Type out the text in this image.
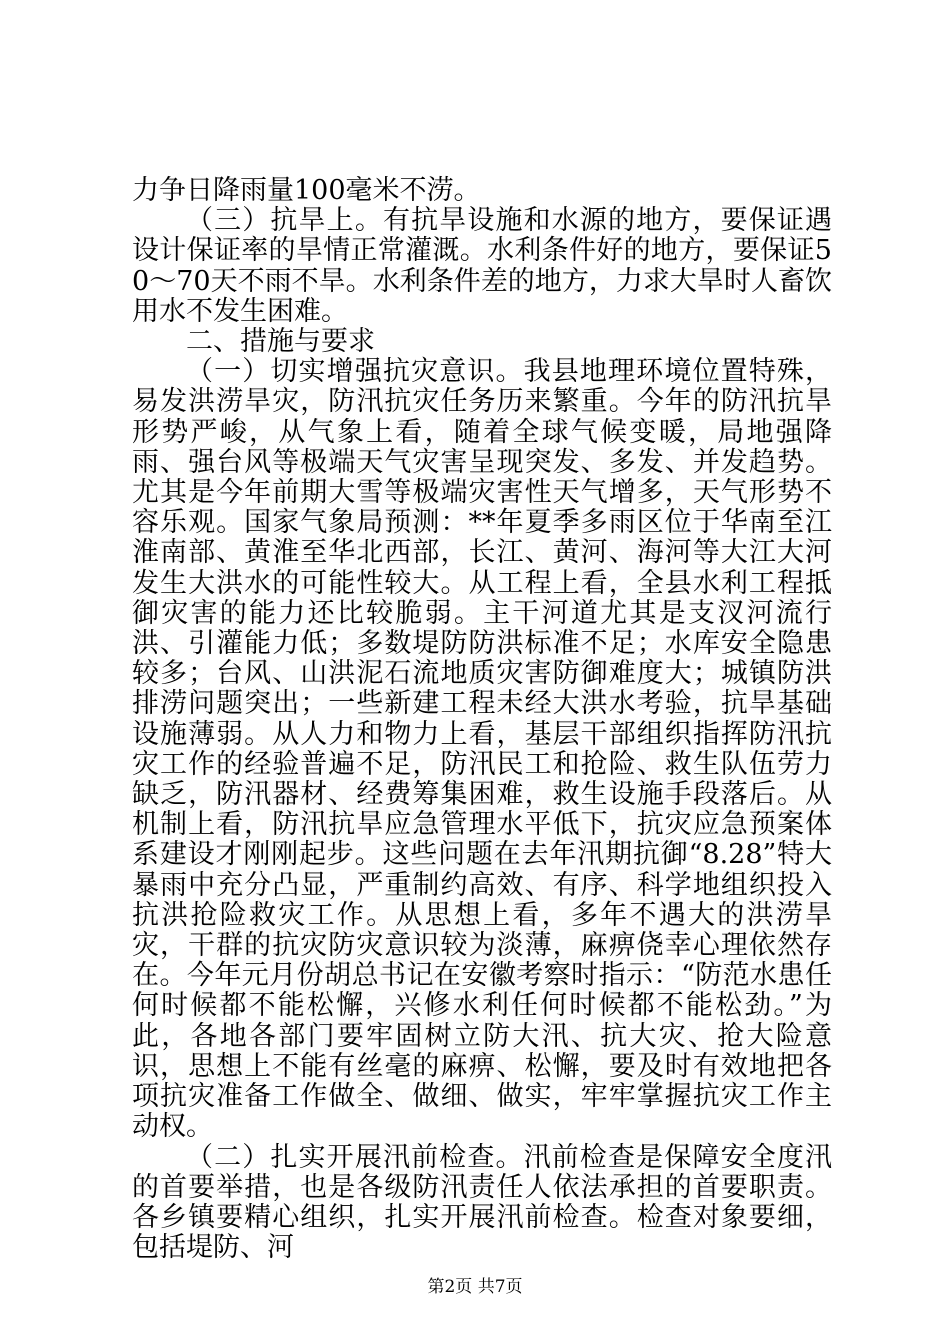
力争日降雨量100毫米不涝。

（三）抗旱上。有抗旱设施和水源的地方，要保证遇设计保证率的旱情正常灌溉。水利条件好的地方，要保证50～70天不雨不旱。水利条件差的地方，力求大旱时人畜饮用水不发生困难。

二、措施与要求

（一）切实增强抗灾意识。我县地理环境位置特殊，易发洪涝旱灾，防汛抗灾任务历来繁重。今年的防汛抗旱形势严峻，从气象上看，随着全球气候变暖，局地强降雨、强台风等极端天气灾害呈现突发、多发、并发趋势。尤其是今年前期大雪等极端灾害性天气增多，天气形势不容乐观。国家气象局预测：**年夏季多雨区位于华南至江淮南部、黄淮至华北西部，长江、黄河、海河等大江大河发生大洪水的可能性较大。从工程上看，全县水利工程抵御灾害的能力还比较脆弱。主干河道尤其是支汊河流行洪、引灌能力低；多数堤防防洪标准不足；水库安全隐患较多；台风、山洪泥石流地质灾害防御难度大；城镇防洪排涝问题突出；一些新建工程未经大洪水考验，抗旱基础设施薄弱。从人力和物力上看，基层干部组织指挥防汛抗灾工作的经验普遍不足，防汛民工和抢险、救生队伍劳力缺乏，防汛器材、经费筹集困难，救生设施手段落后。从机制上看，防汛抗旱应急管理水平低下，抗灾应急预案体系建设才刚刚起步。这些问题在去年汛期抗御“8.28”特大暴雨中充分凸显，严重制约高效、有序、科学地组织投入抗洪抢险救灾工作。从思想上看，多年不遇大的洪涝旱灾，干群的抗灾防灾意识较为淡薄，麻痹侥幸心理依然存在。今年元月份胡总书记在安徽考察时指示：“防范水患任何时候都不能松懈，兴修水利任何时候都不能松劲。”为此，各地各部门要牢固树立防大汛、抗大灾、抢大险意识，思想上不能有丝毫的麻痹、松懈，要及时有效地把各项抗灾准备工作做全、做细、做实，牢牢掌握抗灾工作主动权。

（二）扎实开展汛前检查。汛前检查是保障安全度汛的首要举措，也是各级防汛责任人依法承担的首要职责。各乡镇要精心组织，扎实开展汛前检查。检查对象要细，包括堤防、河

第2页 共7页
